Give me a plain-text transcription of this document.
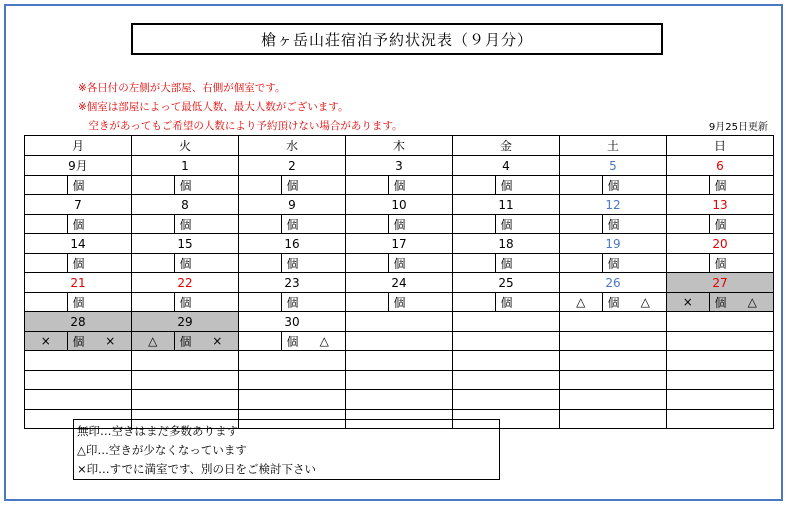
槍ヶ岳山荘宿泊予約状況表（９月分）
※各日付の左側が大部屋、右側が個室です。
※個室は部屋によって最低人数、最大人数がございます。
　空きがあってもご希望の人数により予約頂けない場合があります。	9月25日更新
月	火	水	木	金	土	日
9月	1	2	3	4	5	6

個	個	個	個	個	個	個

7	8	9	10	11	12	13

個	個	個	個	個	個	個

14	15	16	17	18	19	20

個	個	個	個	個	個	個

21	22	23	24	25	26	27

個	個	個	個	個	△ 個 △	× 個 △

28	29	30				

× 個 ×	△ 個 ×	個 △				

無印…空きはまだ多数あります
△印…空きが少なくなっています
×印…すでに満室です、別の日をご検討下さい
